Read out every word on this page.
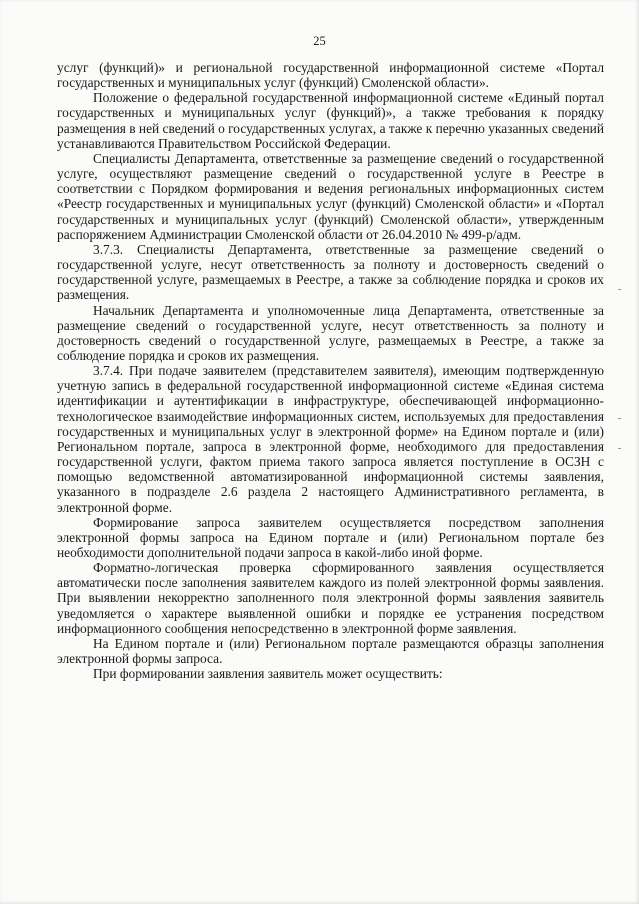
25

услуг (функций)» и региональной государственной информационной системе «Портал государственных и муниципальных услуг (функций) Смоленской области».

Положение о федеральной государственной информационной системе «Единый портал государственных и муниципальных услуг (функций)», а также требования к порядку размещения в ней сведений о государственных услугах, а также к перечню указанных сведений устанавливаются Правительством Российской Федерации.

Специалисты Департамента, ответственные за размещение сведений о государственной услуге, осуществляют размещение сведений о государственной услуге в Реестре в соответствии с Порядком формирования и ведения региональных информационных систем «Реестр государственных и муниципальных услуг (функций) Смоленской области» и «Портал государственных и муниципальных услуг (функций) Смоленской области», утвержденным распоряжением Администрации Смоленской области от 26.04.2010 № 499-р/адм.

3.7.3. Специалисты Департамента, ответственные за размещение сведений о государственной услуге, несут ответственность за полноту и достоверность сведений о государственной услуге, размещаемых в Реестре, а также за соблюдение порядка и сроков их размещения.

Начальник Департамента и уполномоченные лица Департамента, ответственные за размещение сведений о государственной услуге, несут ответственность за полноту и достоверность сведений о государственной услуге, размещаемых в Реестре, а также за соблюдение порядка и сроков их размещения.

3.7.4. При подаче заявителем (представителем заявителя), имеющим подтвержденную учетную запись в федеральной государственной информационной системе «Единая система идентификации и аутентификации в инфраструктуре, обеспечивающей информационно-технологическое взаимодействие информационных систем, используемых для предоставления государственных и муниципальных услуг в электронной форме» на Едином портале и (или) Региональном портале, запроса в электронной форме, необходимого для предоставления государственной услуги, фактом приема такого запроса является поступление в ОСЗН с помощью ведомственной автоматизированной информационной системы заявления, указанного в подразделе 2.6 раздела 2 настоящего Административного регламента, в электронной форме.

Формирование запроса заявителем осуществляется посредством заполнения электронной формы запроса на Едином портале и (или) Региональном портале без необходимости дополнительной подачи запроса в какой-либо иной форме.

Форматно-логическая проверка сформированного заявления осуществляется автоматически после заполнения заявителем каждого из полей электронной формы заявления. При выявлении некорректно заполненного поля электронной формы заявления заявитель уведомляется о характере выявленной ошибки и порядке ее устранения посредством информационного сообщения непосредственно в электронной форме заявления.

На Едином портале и (или) Региональном портале размещаются образцы заполнения электронной формы запроса.

При формировании заявления заявитель может осуществить:
